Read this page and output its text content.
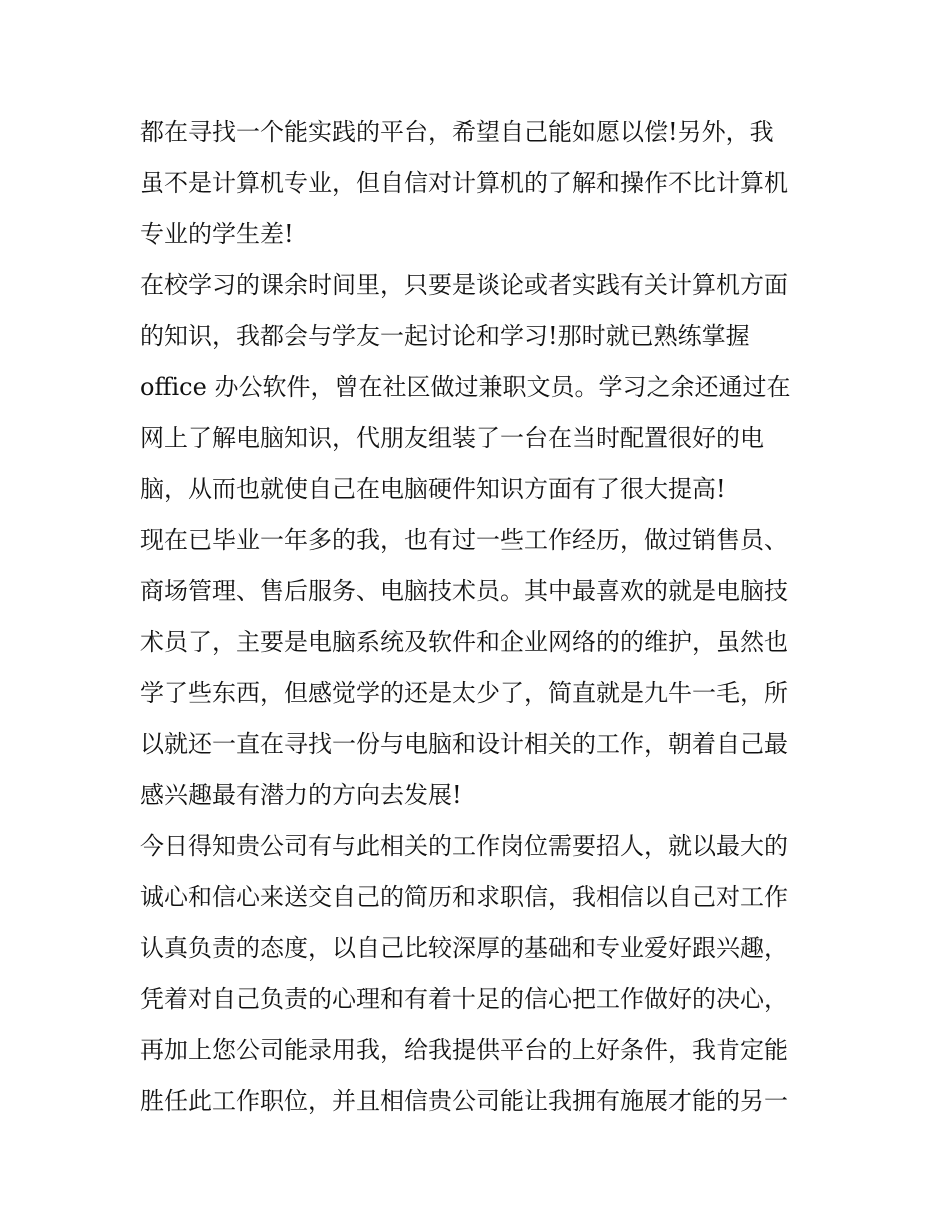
都在寻找一个能实践的平台，希望自己能如愿以偿!另外，我
虽不是计算机专业，但自信对计算机的了解和操作不比计算机
专业的学生差!
在校学习的课余时间里，只要是谈论或者实践有关计算机方面
的知识，我都会与学友一起讨论和学习!那时就已熟练掌握
office 办公软件，曾在社区做过兼职文员。学习之余还通过在
网上了解电脑知识，代朋友组装了一台在当时配置很好的电
脑，从而也就使自己在电脑硬件知识方面有了很大提高!
现在已毕业一年多的我，也有过一些工作经历，做过销售员、
商场管理、售后服务、电脑技术员。其中最喜欢的就是电脑技
术员了，主要是电脑系统及软件和企业网络的的维护，虽然也
学了些东西，但感觉学的还是太少了，简直就是九牛一毛，所
以就还一直在寻找一份与电脑和设计相关的工作，朝着自己最
感兴趣最有潜力的方向去发展!
今日得知贵公司有与此相关的工作岗位需要招人，就以最大的
诚心和信心来送交自己的简历和求职信，我相信以自己对工作
认真负责的态度，以自己比较深厚的基础和专业爱好跟兴趣，
凭着对自己负责的心理和有着十足的信心把工作做好的决心，
再加上您公司能录用我，给我提供平台的上好条件，我肯定能
胜任此工作职位，并且相信贵公司能让我拥有施展才能的另一
